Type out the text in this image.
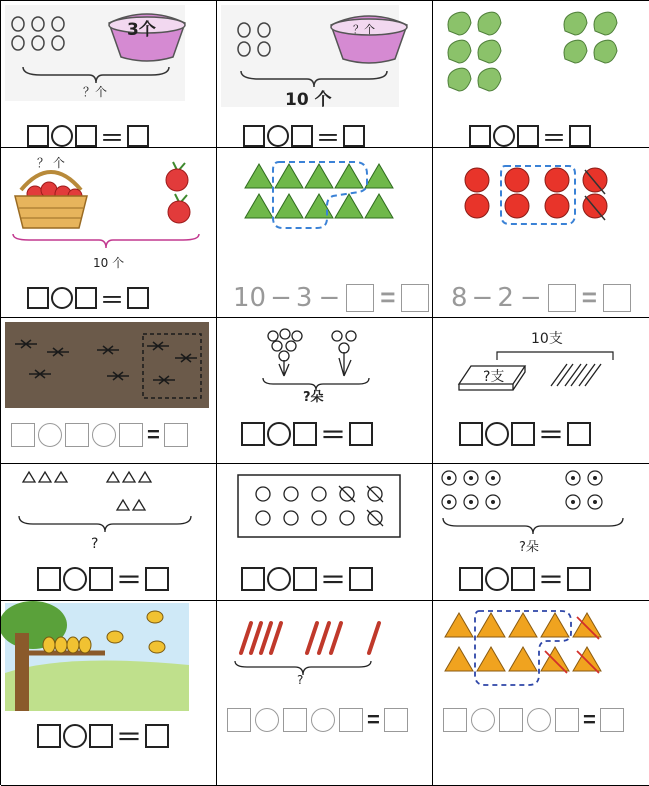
3个
？个
＝
？个
10 个
＝	＝
？ 个
10 个
＝	10 − 3 − = 8 − 2 − =
=
?朵
＝
10支
?支
＝
?
＝	＝
?朵
＝
＝
?
=	=
